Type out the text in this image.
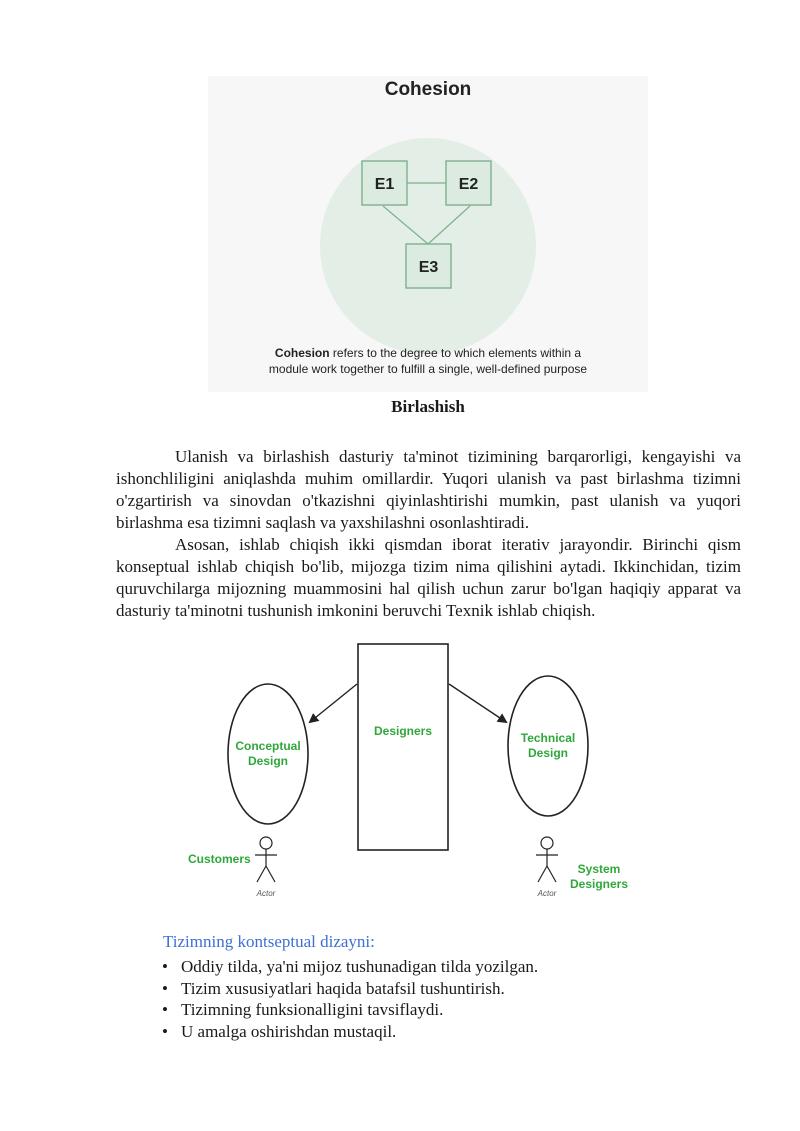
Cohesion
E1	E2
E3
Cohesion refers to the degree to which elements within a
module work together to fulfill a single, well-defined purpose
Birlashish

Ulanish va birlashish dasturiy ta'minot tizimining barqarorligi, kengayishi va ishonchliligini aniqlashda muhim omillardir. Yuqori ulanish va past birlashma tizimni o'zgartirish va sinovdan o'tkazishni qiyinlashtirishi mumkin, past ulanish va yuqori birlashma esa tizimni saqlash va yaxshilashni osonlashtiradi.

Asosan, ishlab chiqish ikki qismdan iborat iterativ jarayondir. Birinchi qism konseptual ishlab chiqish bo'lib, mijozga tizim nima qilishini aytadi. Ikkinchidan, tizim quruvchilarga mijozning muammosini hal qilish uchun zarur bo'lgan haqiqiy apparat va dasturiy ta'minotni tushunish imkonini beruvchi Texnik ishlab chiqish.

Designers
Conceptual
Design
Technical
Design
Actor
Customers
Actor
System
Designers

Tizimning kontseptual dizayni:

• Oddiy tilda, ya'ni mijoz tushunadigan tilda yozilgan.
• Tizim xususiyatlari haqida batafsil tushuntirish.
• Tizimning funksionalligini tavsiflaydi.
• U amalga oshirishdan mustaqil.
